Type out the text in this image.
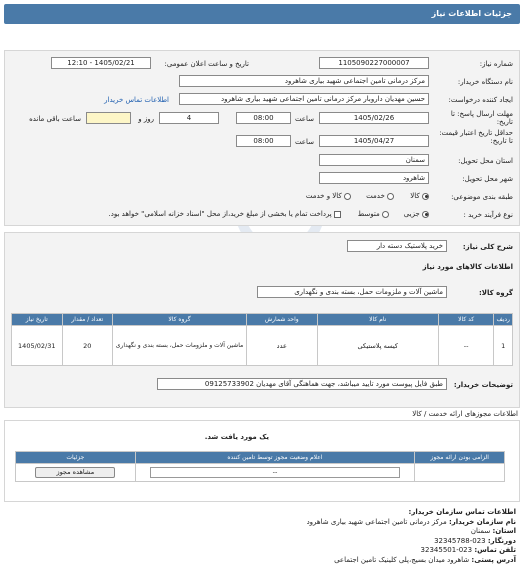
جزئیات اطلاعات نیاز
شماره نیاز:
1105090227000007
تاریخ و ساعت اعلان عمومی:
1405/02/21 - 12:10
نام دستگاه خریدار:
مرکز درمانی تامین اجتماعی شهید بیاری شاهرود
ایجاد کننده درخواست:
حسین مهدیان داروبار مرکز درمانی تامین اجتماعی شهید بیاری شاهرود
اطلاعات تماس خریدار
مهلت ارسال پاسخ: تا تاریخ:
1405/02/26
ساعت
08:00
4
روز و
ساعت باقی مانده
حداقل تاریخ اعتبار قیمت: تا تاریخ:
1405/04/27
ساعت
08:00
استان محل تحویل:
سمنان
شهر محل تحویل:
شاهرود
طبقه بندی موضوعی:
کالا
خدمت
کالا و خدمت
نوع فرآیند خرید :
جزیی
متوسط
پرداخت تمام یا بخشی از مبلغ خرید،از محل "اسناد خزانه اسلامی" خواهد بود.
شرح کلی نیاز:
خرید پلاستیک دسته دار
اطلاعات کالاهای مورد نیاز
گروه کالا:
ماشین آلات و ملزومات حمل، بسته بندی و نگهداری
ردیف	کد کالا	نام کالا	واحد شمارش	گروه کالا	تعداد / مقدار	تاریخ نیاز
1	--	کیسه پلاستیکی	عدد	ماشین آلات و ملزومات حمل، بسته بندی و نگهداری	20	1405/02/31
توضیحات خریدار:
طبق فایل پیوست مورد تایید میباشد، جهت هماهنگی آقای مهدیان 09125733902
اطلاعات مجوزهای ارائه خدمت / کالا
یک مورد یافت شد.
الزامی بودن ارائه مجوز	اعلام وضعیت مجوز توسط تامین کننده	جزئیات

	--	مشاهده مجوز
اطلاعات تماس سازمان خریدار:
نام سازمان خریدار: مرکز درمانی تامین اجتماعی شهید بیاری شاهرود
استان: سمنان
دورنگار: 023-32345788
تلفن تماس: 023-32345501
آدرس پستی: شاهرود میدان بسیج،پلی کلینیک تامین اجتماعی
